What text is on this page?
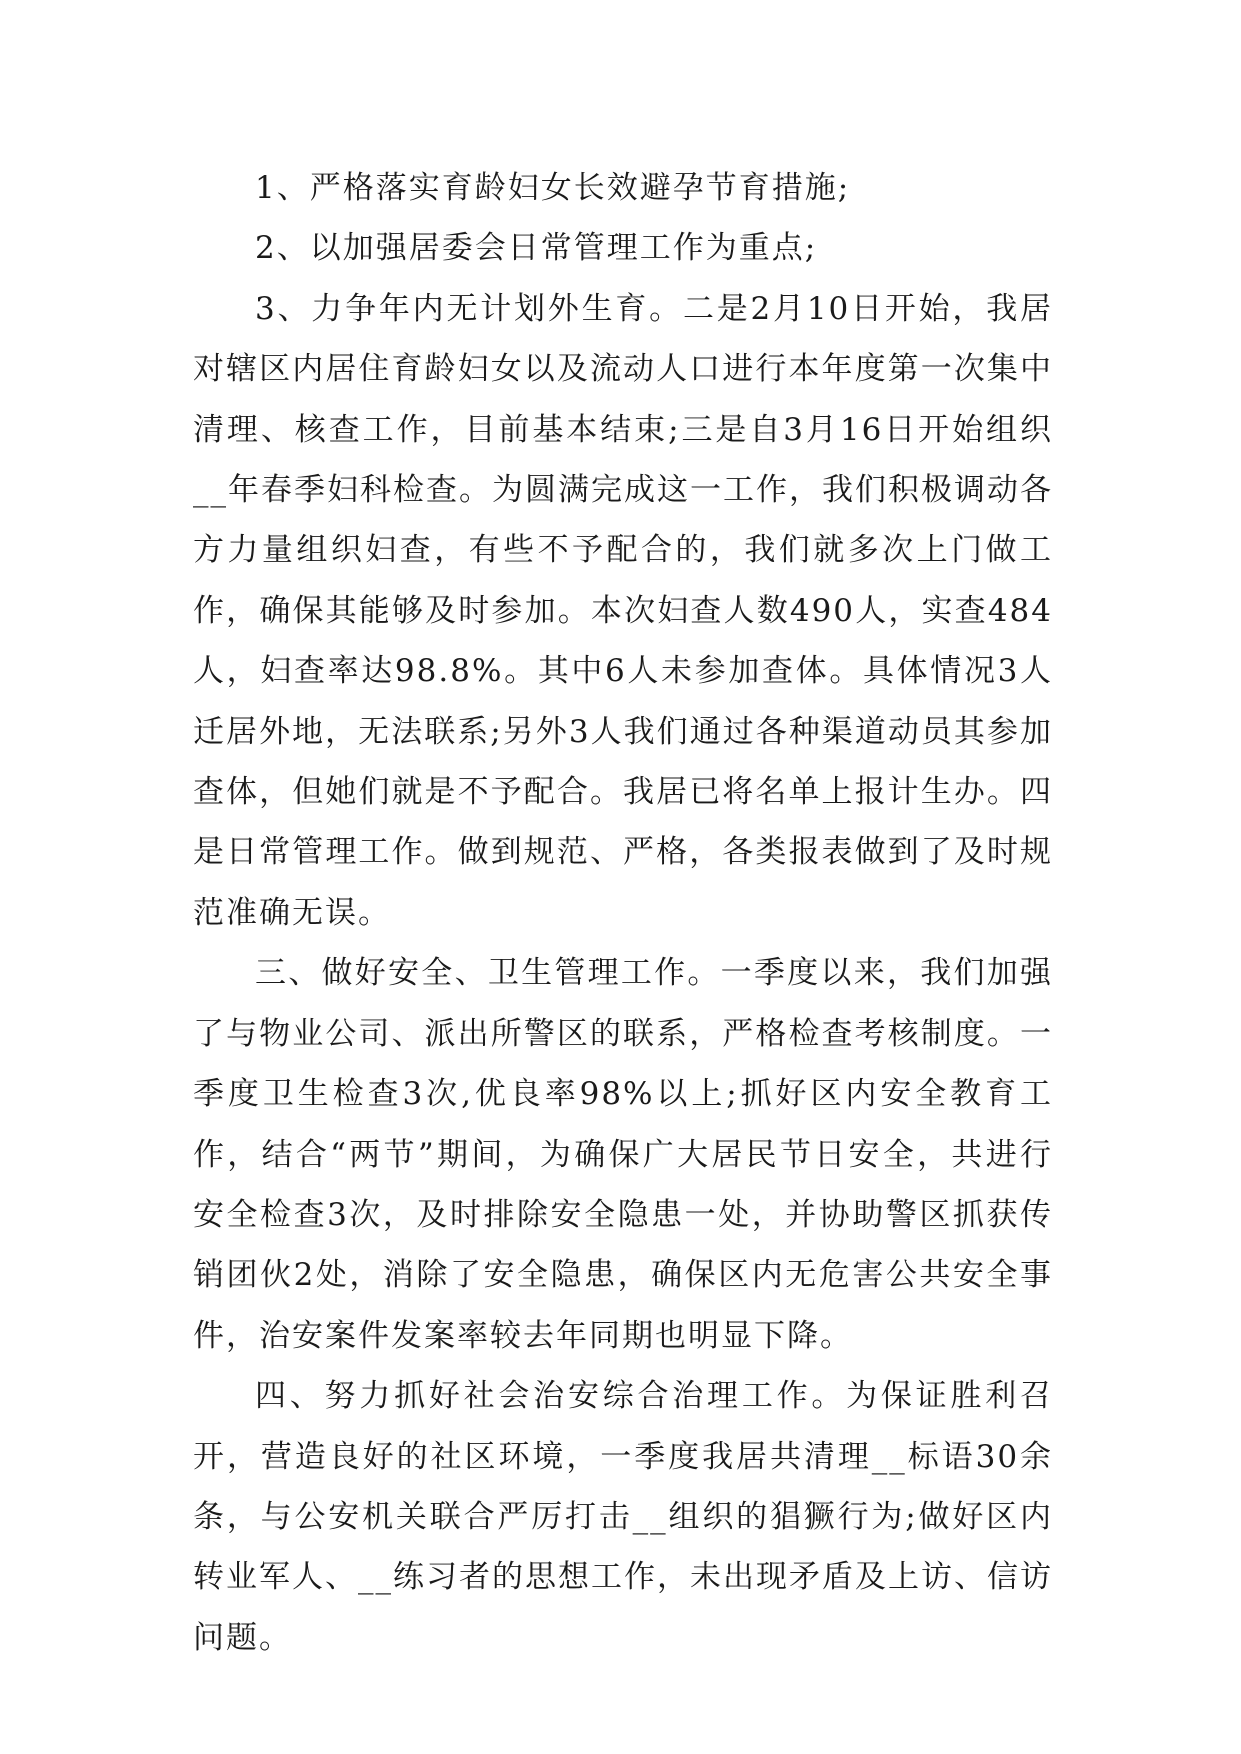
1、严格落实育龄妇女长效避孕节育措施;

2、以加强居委会日常管理工作为重点;

3、力争年内无计划外生育。二是2月10日开始，我居对辖区内居住育龄妇女以及流动人口进行本年度第一次集中清理、核查工作，目前基本结束;三是自3月16日开始组织__年春季妇科检查。为圆满完成这一工作，我们积极调动各方力量组织妇查，有些不予配合的，我们就多次上门做工作，确保其能够及时参加。本次妇查人数490人，实查484人，妇查率达98.8%。其中6人未参加查体。具体情况3人迁居外地，无法联系;另外3人我们通过各种渠道动员其参加查体，但她们就是不予配合。我居已将名单上报计生办。四是日常管理工作。做到规范、严格，各类报表做到了及时规范准确无误。

三、做好安全、卫生管理工作。一季度以来，我们加强了与物业公司、派出所警区的联系，严格检查考核制度。一季度卫生检查3次,优良率98%以上;抓好区内安全教育工作，结合“两节”期间，为确保广大居民节日安全，共进行安全检查3次，及时排除安全隐患一处，并协助警区抓获传销团伙2处，消除了安全隐患，确保区内无危害公共安全事件，治安案件发案率较去年同期也明显下降。

四、努力抓好社会治安综合治理工作。为保证胜利召开，营造良好的社区环境，一季度我居共清理__标语30余条，与公安机关联合严厉打击__组织的猖獗行为;做好区内转业军人、__练习者的思想工作，未出现矛盾及上访、信访问题。
